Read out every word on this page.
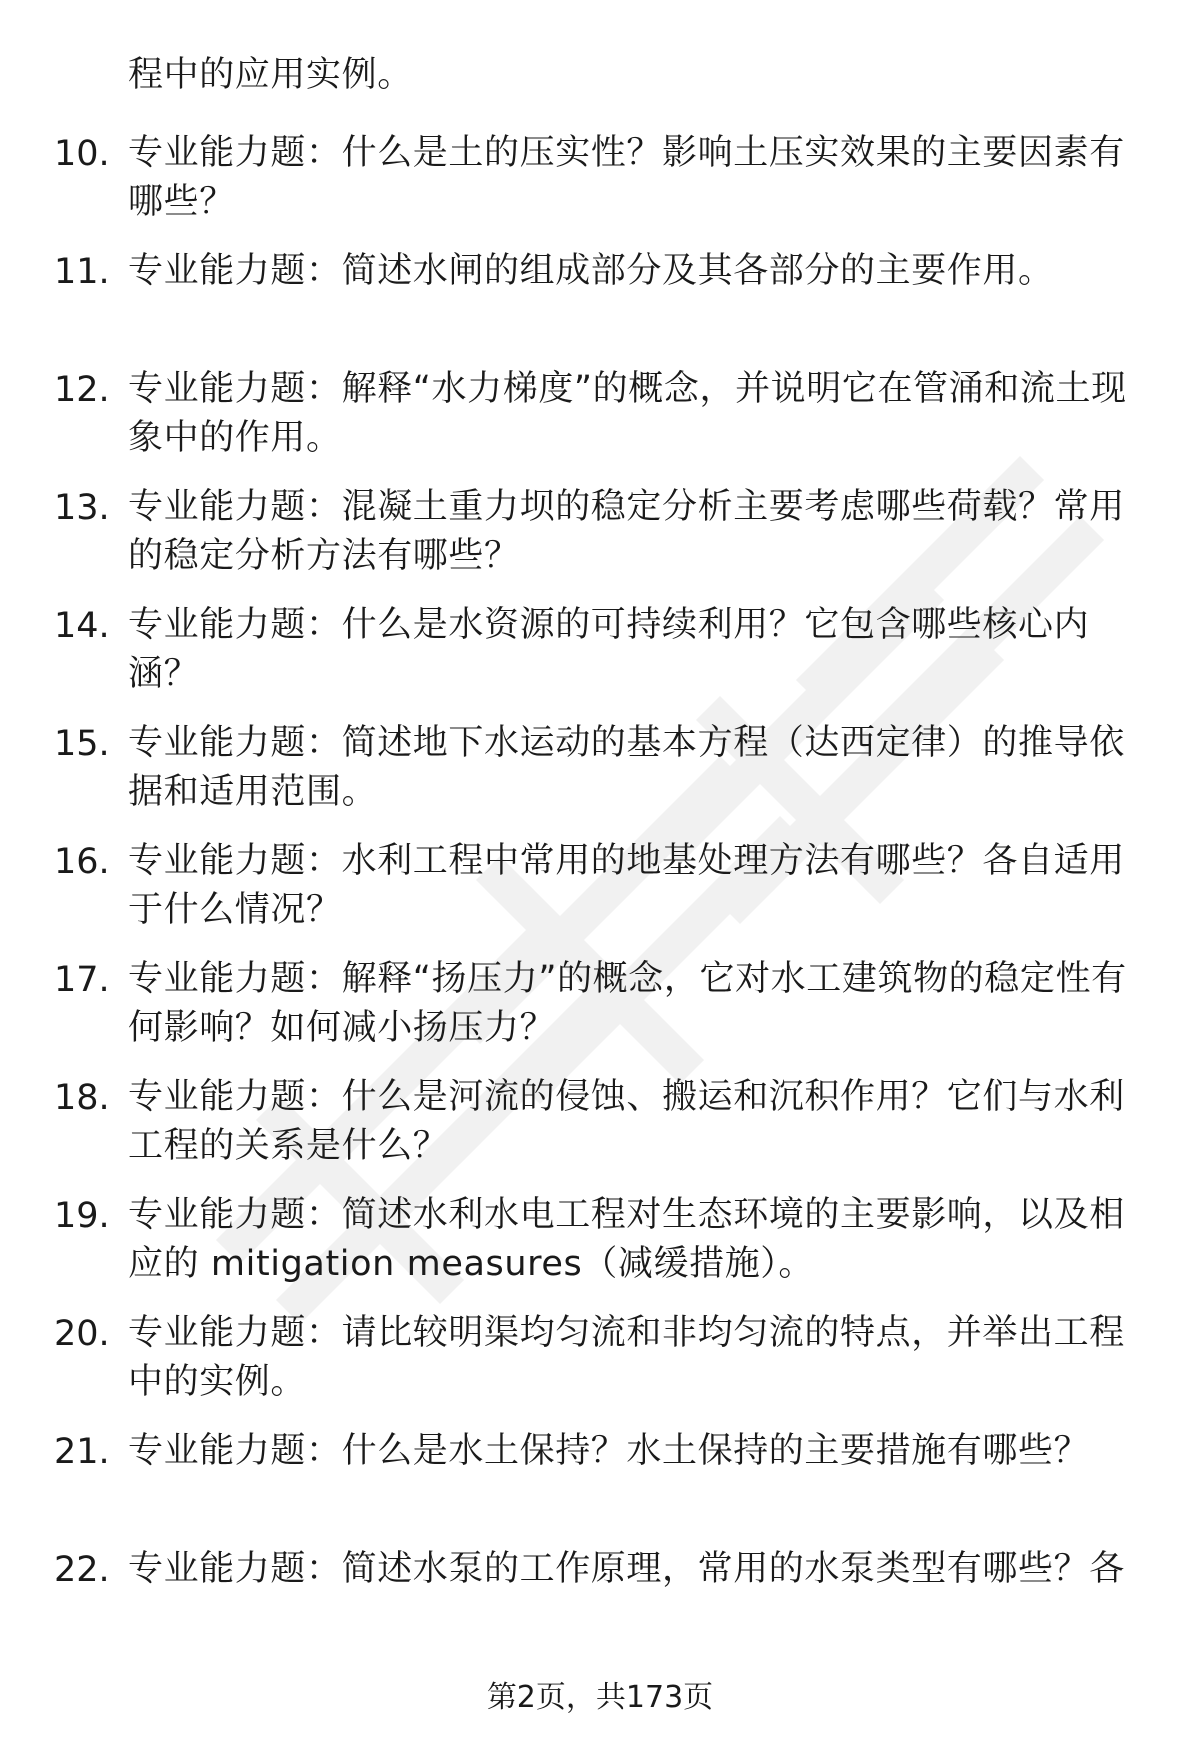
程中的应用实例。
10. 专业能力题：什么是土的压实性？影响土压实效果的主要因素有哪些？
11. 专业能力题：简述水闸的组成部分及其各部分的主要作用。
12. 专业能力题：解释“水力梯度”的概念，并说明它在管涌和流土现象中的作用。
13. 专业能力题：混凝土重力坝的稳定分析主要考虑哪些荷载？常用的稳定分析方法有哪些？
14. 专业能力题：什么是水资源的可持续利用？它包含哪些核心内涵？
15. 专业能力题：简述地下水运动的基本方程（达西定律）的推导依据和适用范围。
16. 专业能力题：水利工程中常用的地基处理方法有哪些？各自适用于什么情况？
17. 专业能力题：解释“扬压力”的概念，它对水工建筑物的稳定性有何影响？如何减小扬压力？
18. 专业能力题：什么是河流的侵蚀、搬运和沉积作用？它们与水利工程的关系是什么？
19. 专业能力题：简述水利水电工程对生态环境的主要影响，以及相应的 mitigation measures（减缓措施）。
20. 专业能力题：请比较明渠均匀流和非均匀流的特点，并举出工程中的实例。
21. 专业能力题：什么是水土保持？水土保持的主要措施有哪些？
22. 专业能力题：简述水泵的工作原理，常用的水泵类型有哪些？各
第2页，共173页
